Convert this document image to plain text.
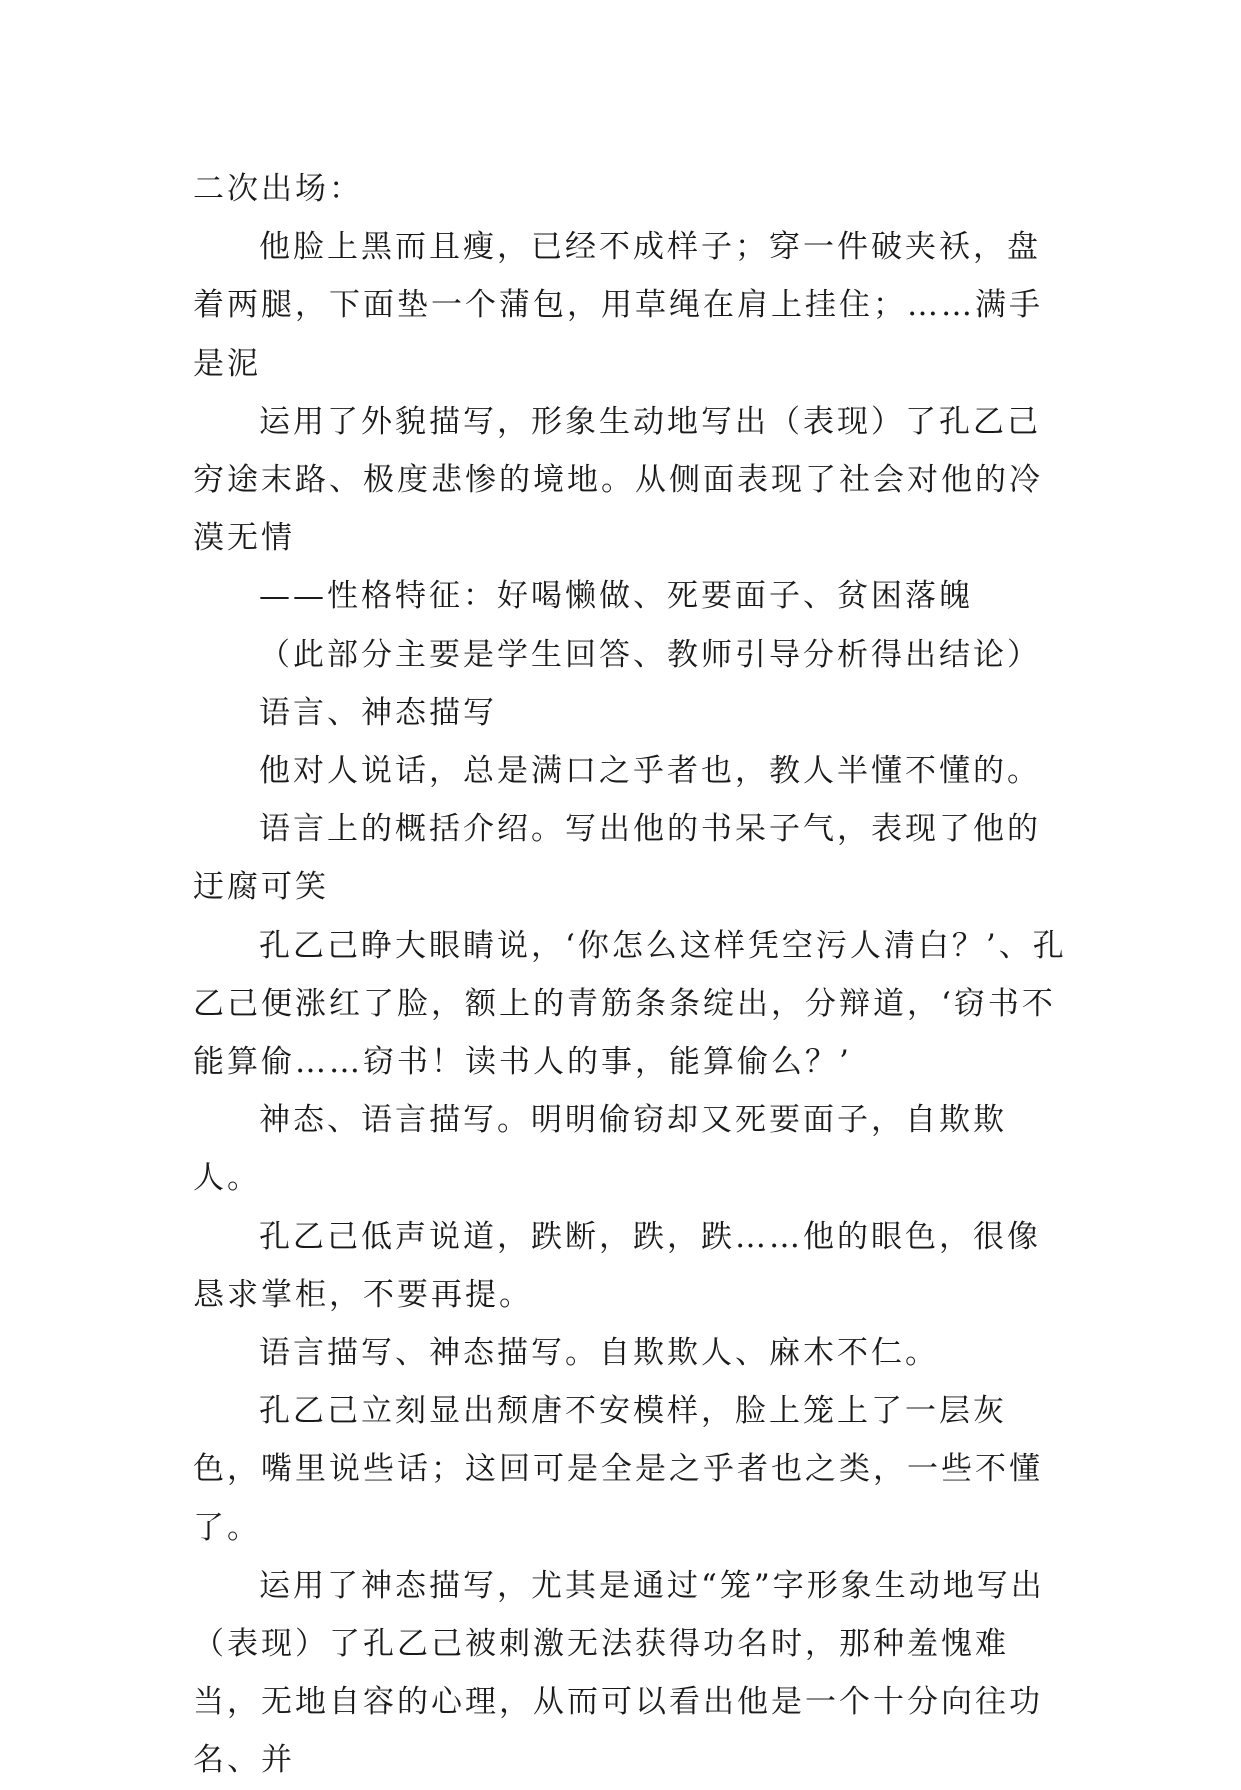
二次出场：

他脸上黑而且瘦，已经不成样子；穿一件破夹袄，盘着两腿，下面垫一个蒲包，用草绳在肩上挂住；……满手是泥

运用了外貌描写，形象生动地写出（表现）了孔乙己穷途末路、极度悲惨的境地。从侧面表现了社会对他的冷漠无情

——性格特征：好喝懒做、死要面子、贫困落魄

（此部分主要是学生回答、教师引导分析得出结论）

语言、神态描写

他对人说话，总是满口之乎者也，教人半懂不懂的。

语言上的概括介绍。写出他的书呆子气，表现了他的迂腐可笑

孔乙己睁大眼睛说，‘你怎么这样凭空污人清白？’、孔乙己便涨红了脸，额上的青筋条条绽出，分辩道，‘窃书不能算偷……窃书！读书人的事，能算偷么？’

神态、语言描写。明明偷窃却又死要面子，自欺欺人。

孔乙己低声说道，跌断，跌，跌……他的眼色，很像恳求掌柜，不要再提。

语言描写、神态描写。自欺欺人、麻木不仁。

孔乙己立刻显出颓唐不安模样，脸上笼上了一层灰色，嘴里说些话；这回可是全是之乎者也之类，一些不懂了。

运用了神态描写，尤其是通过“笼”字形象生动地写出（表现）了孔乙己被刺激无法获得功名时，那种羞愧难当，无地自容的心理，从而可以看出他是一个十分向往功名、并
